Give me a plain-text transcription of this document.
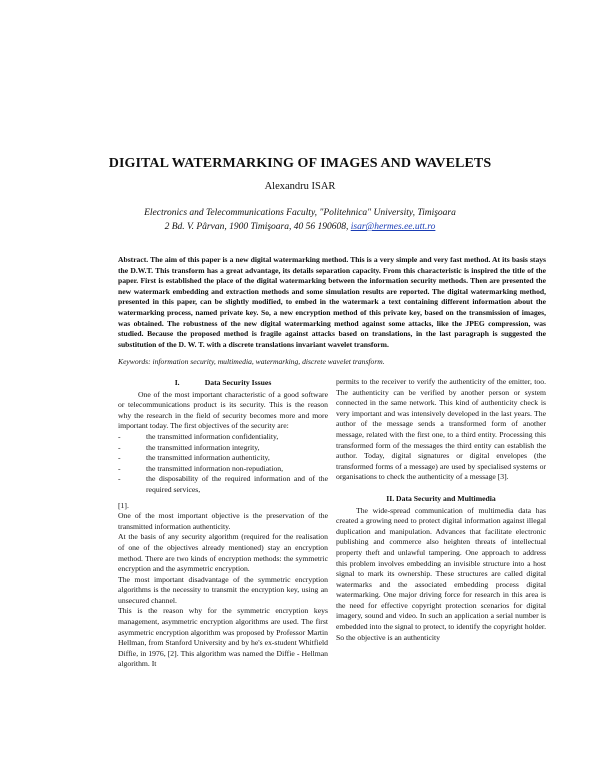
DIGITAL WATERMARKING OF IMAGES AND WAVELETS
Alexandru ISAR
Electronics and Telecommunications Faculty, "Politehnica" University, Timişoara
2 Bd. V. Pârvan, 1900 Timişoara, 40 56 190608, isar@hermes.ee.utt.ro
Abstract. The aim of this paper is a new digital watermarking method. This is a very simple and very fast method. At its basis stays the D.W.T. This transform has a great advantage, its details separation capacity. From this characteristic is inspired the title of the paper. First is established the place of the digital watermarking between the information security methods. Then are presented the new watermark embedding and extraction methods and some simulation results are reported. The digital watermarking method, presented in this paper, can be slightly modified, to embed in the watermark a text containing different information about the watermarking process, named private key. So, a new encryption method of this private key, based on the transmission of images, was obtained. The robustness of the new digital watermarking method against some attacks, like the JPEG compression, was studied. Because the proposed method is fragile against attacks based on translations, in the last paragraph is suggested the substitution of the D. W. T. with a discrete translations invariant wavelet transform.
Keywords: information security, multimedia, watermarking, discrete wavelet transform.
I.	Data Security Issues

One of the most important characteristic of a good software or telecommunications product is its security. This is the reason why the research in the field of security becomes more and more important today. The first objectives of the security are:

-	the transmitted information confidentiality,
-	the transmitted information integrity,
-	the transmitted information authenticity,
-	the transmitted information non-repudiation,
-	the disposability of the required information and of the required services,

[1].

One of the most important objective is the preservation of the transmitted information authenticity.

At the basis of any security algorithm (required for the realisation of one of the objectives already mentioned) stay an encryption method. There are two kinds of encryption methods: the symmetric encryption and the asymmetric encryption.

The most important disadvantage of the symmetric encryption algorithms is the necessity to transmit the encryption key, using an unsecured channel.

This is the reason why for the symmetric encryption keys management, asymmetric encryption algorithms are used. The first asymmetric encryption algorithm was proposed by Professor Martin Hellman, from Stanford University and by he's ex-student Whitfield Diffie, in 1976, [2]. This algorithm was named the Diffie - Hellman algorithm. It

permits to the receiver to verify the authenticity of the emitter, too. The authenticity can be verified by another person or system connected in the same network. This kind of authenticity check is very important and was intensively developed in the last years. The author of the message sends a transformed form of another message, related with the first one, to a third entity. Processing this transformed form of the messages the third entity can establish the author. Today, digital signatures or digital envelopes (the transformed forms of a message) are used by specialised systems or organisations to check the authenticity of a message [3].

II. Data Security and Multimedia

The wide-spread communication of multimedia data has created a growing need to protect digital information against illegal duplication and manipulation. Advances that facilitate electronic publishing and commerce also heighten threats of intellectual property theft and unlawful tampering. One approach to address this problem involves embedding an invisible structure into a host signal to mark its ownership. These structures are called digital watermarks and the associated embedding process digital watermarking. One major driving force for research in this area is the need for effective copyright protection scenarios for digital imagery, sound and video. In such an application a serial number is embedded into the signal to protect, to identify the copyright holder. So the objective is an authenticity
